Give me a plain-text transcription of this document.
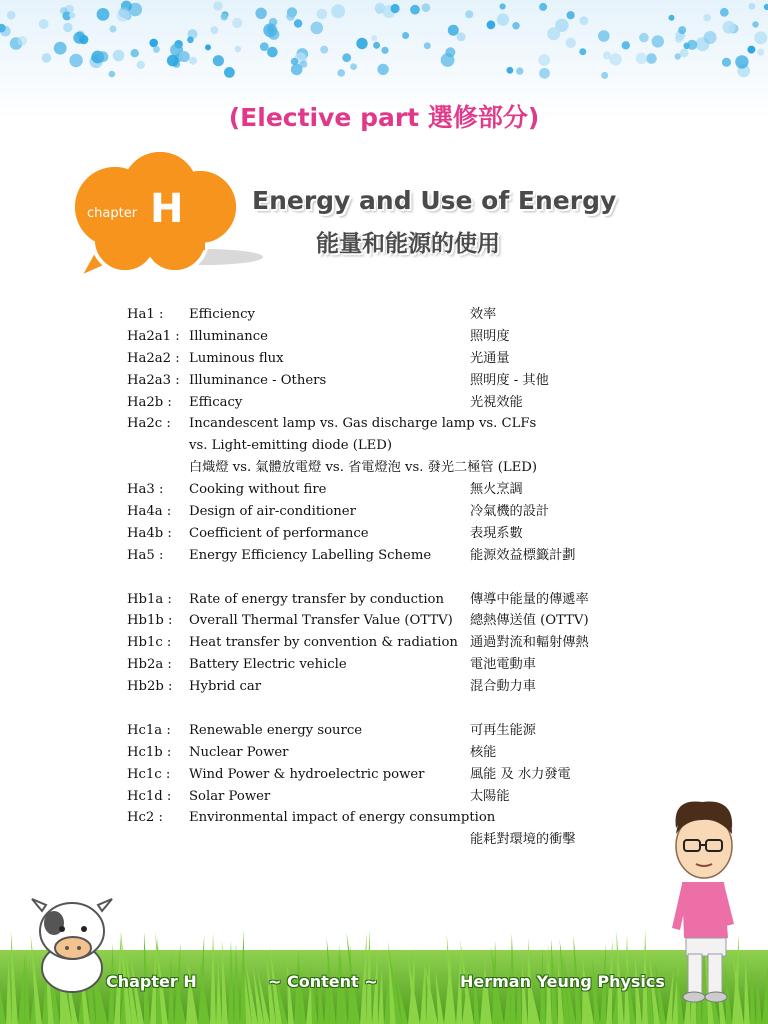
(Elective part 選修部分)
chapter H	Energy and Use of Energy
能量和能源的使用
Ha1 : Efficiency	效率
Ha2a1 : Illuminance	照明度
Ha2a2 : Luminous flux	光通量
Ha2a3 : Illuminance - Others	照明度 - 其他
Ha2b : Efficacy	光視效能
Ha2c : Incandescent lamp vs. Gas discharge lamp vs. CLFs
vs. Light-emitting diode (LED)
白熾燈 vs. 氣體放電燈 vs. 省電燈泡 vs. 發光二極管 (LED)
Ha3 : Cooking without fire	無火烹調
Ha4a : Design of air-conditioner	冷氣機的設計
Ha4b : Coefficient of performance	表現系數
Ha5 : Energy Efficiency Labelling Scheme	能源效益標籤計劃
Hb1a : Rate of energy transfer by conduction 傳導中能量的傳遞率
Hb1b : Overall Thermal Transfer Value (OTTV) 總熱傳送值 (OTTV)
Hb1c : Heat transfer by convention & radiation 通過對流和輻射傳熱
Hb2a : Battery Electric vehicle	電池電動車
Hb2b : Hybrid car	混合動力車
Hc1a : Renewable energy source	可再生能源
Hc1b : Nuclear Power	核能
Hc1c : Wind Power & hydroelectric power	風能 及 水力發電
Hc1d : Solar Power	太陽能
Hc2 : Environmental impact of energy consumption
能耗對環境的衝擊
Chapter H	~ Content ~	Herman Yeung Physics
